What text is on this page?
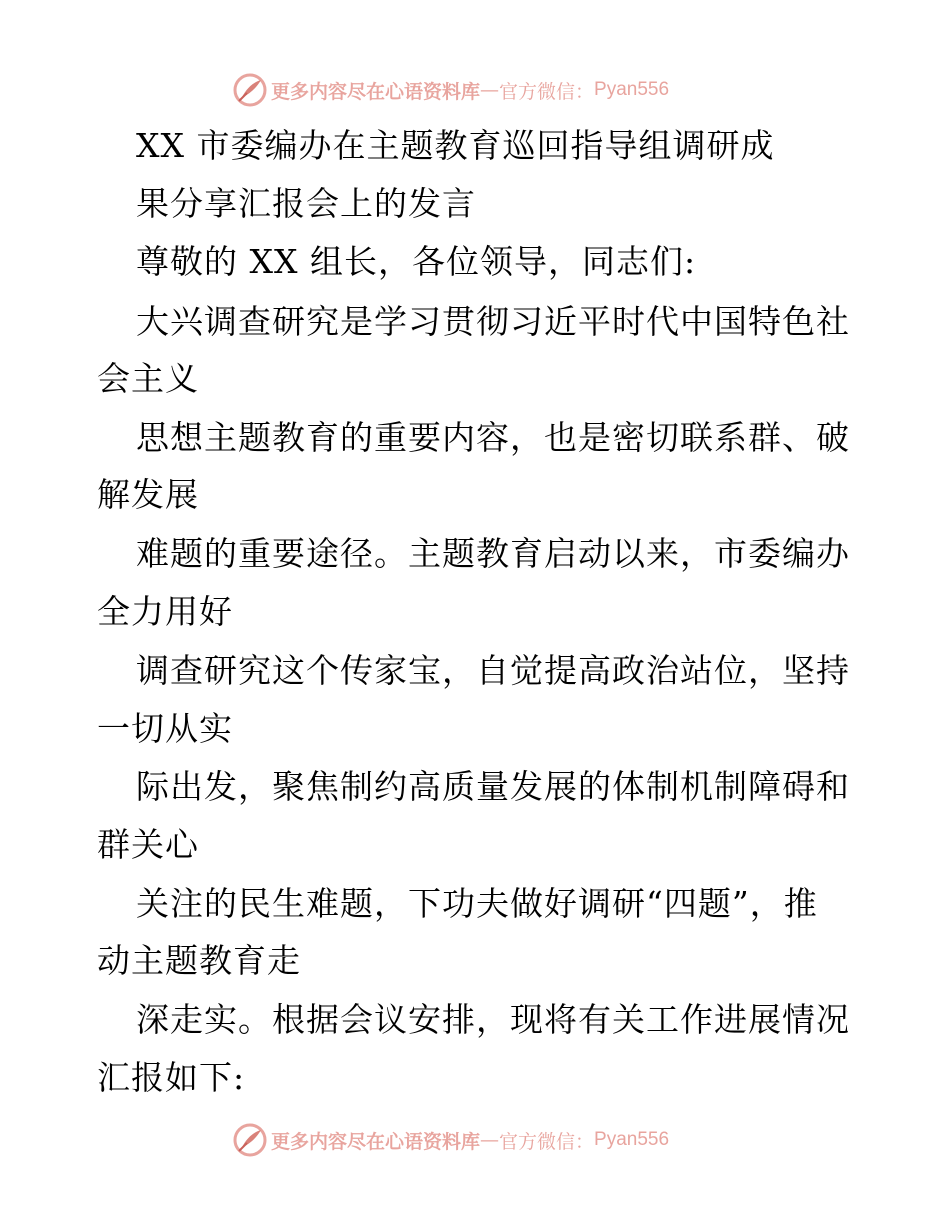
更多内容尽在心语资料库 — 官方微信： Pyan556
XX 市委编办在主题教育巡回指导组调研成
果分享汇报会上的发言
尊敬的 XX 组长，各位领导，同志们:
大兴调查研究是学习贯彻习近平时代中国特色社
会主义
思想主题教育的重要内容，也是密切联系群、破
解发展
难题的重要途径。主题教育启动以来，市委编办
全力用好
调查研究这个传家宝，自觉提高政治站位，坚持
一切从实
际出发，聚焦制约高质量发展的体制机制障碍和
群关心
关注的民生难题，下功夫做好调研“四题”，推
动主题教育走
深走实。根据会议安排，现将有关工作进展情况
汇报如下:
更多内容尽在心语资料库 — 官方微信： Pyan556
